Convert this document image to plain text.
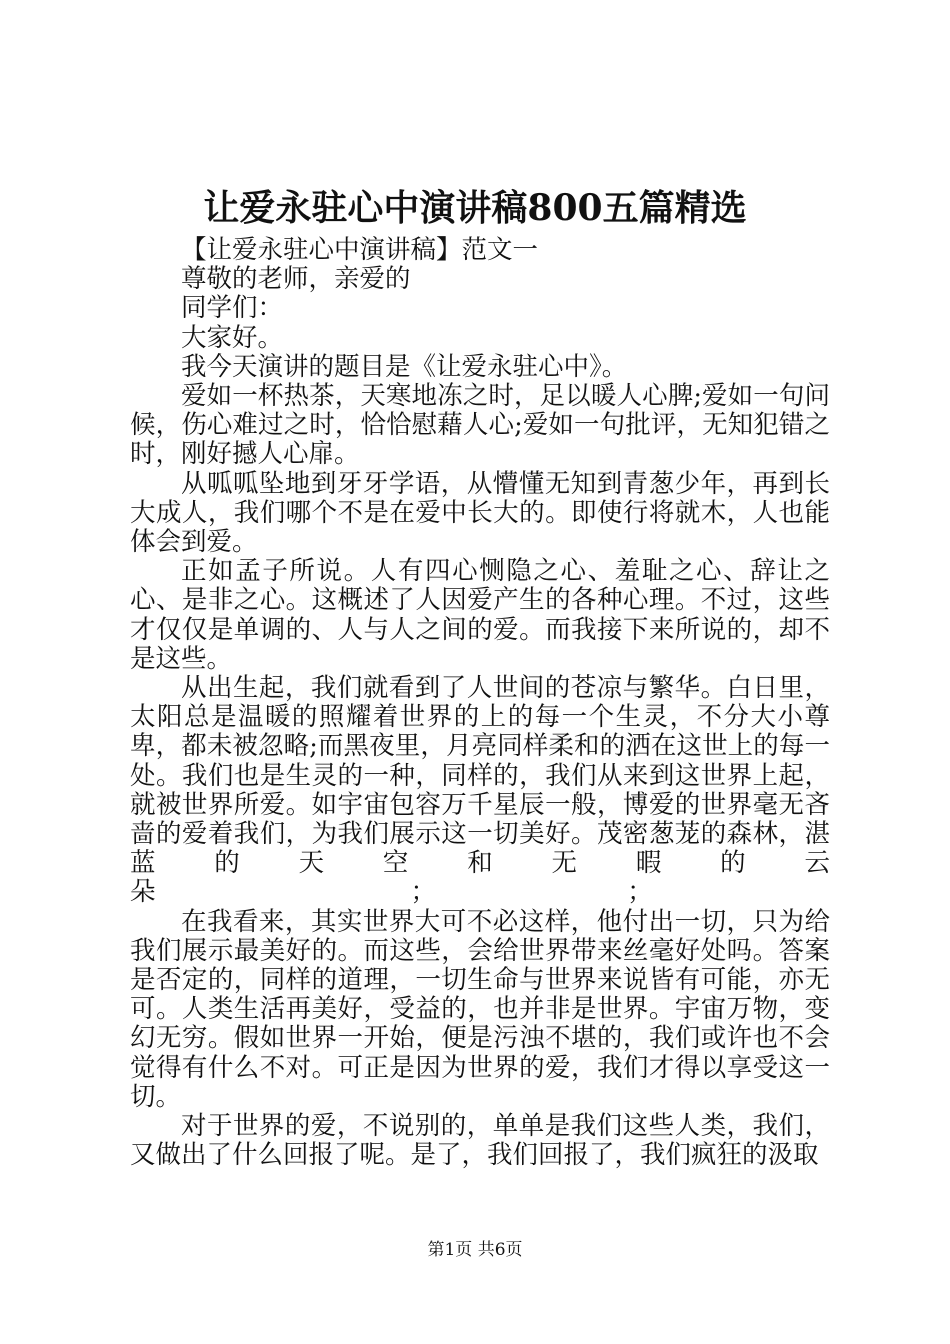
让爱永驻心中演讲稿800五篇精选

【让爱永驻心中演讲稿】范文一

尊敬的老师，亲爱的

同学们：

大家好。

我今天演讲的题目是《让爱永驻心中》。

爱如一杯热茶，天寒地冻之时，足以暖人心脾;爱如一句问候，伤心难过之时，恰恰慰藉人心;爱如一句批评，无知犯错之时，刚好撼人心扉。

从呱呱坠地到牙牙学语，从懵懂无知到青葱少年，再到长大成人，我们哪个不是在爱中长大的。即使行将就木，人也能体会到爱。

正如孟子所说。人有四心恻隐之心、羞耻之心、辞让之心、是非之心。这概述了人因爱产生的各种心理。不过，这些才仅仅是单调的、人与人之间的爱。而我接下来所说的，却不是这些。

从出生起，我们就看到了人世间的苍凉与繁华。白日里，太阳总是温暖的照耀着世界的上的每一个生灵，不分大小尊卑，都未被忽略;而黑夜里，月亮同样柔和的洒在这世上的每一处。我们也是生灵的一种，同样的，我们从来到这世界上起，就被世界所爱。如宇宙包容万千星辰一般，博爱的世界毫无吝啬的爱着我们，为我们展示这一切美好。茂密葱茏的森林，湛蓝的天空和无暇的云朵　　　　　　　　　　；　　　　　　　　；

在我看来，其实世界大可不必这样，他付出一切，只为给我们展示最美好的。而这些，会给世界带来丝毫好处吗。答案是否定的，同样的道理，一切生命与世界来说皆有可能，亦无可。人类生活再美好，受益的，也并非是世界。宇宙万物，变幻无穷。假如世界一开始，便是污浊不堪的，我们或许也不会觉得有什么不对。可正是因为世界的爱，我们才得以享受这一切。

对于世界的爱，不说别的，单单是我们这些人类，我们，又做出了什么回报了呢。是了，我们回报了，我们疯狂的汲取

第1页 共6页
